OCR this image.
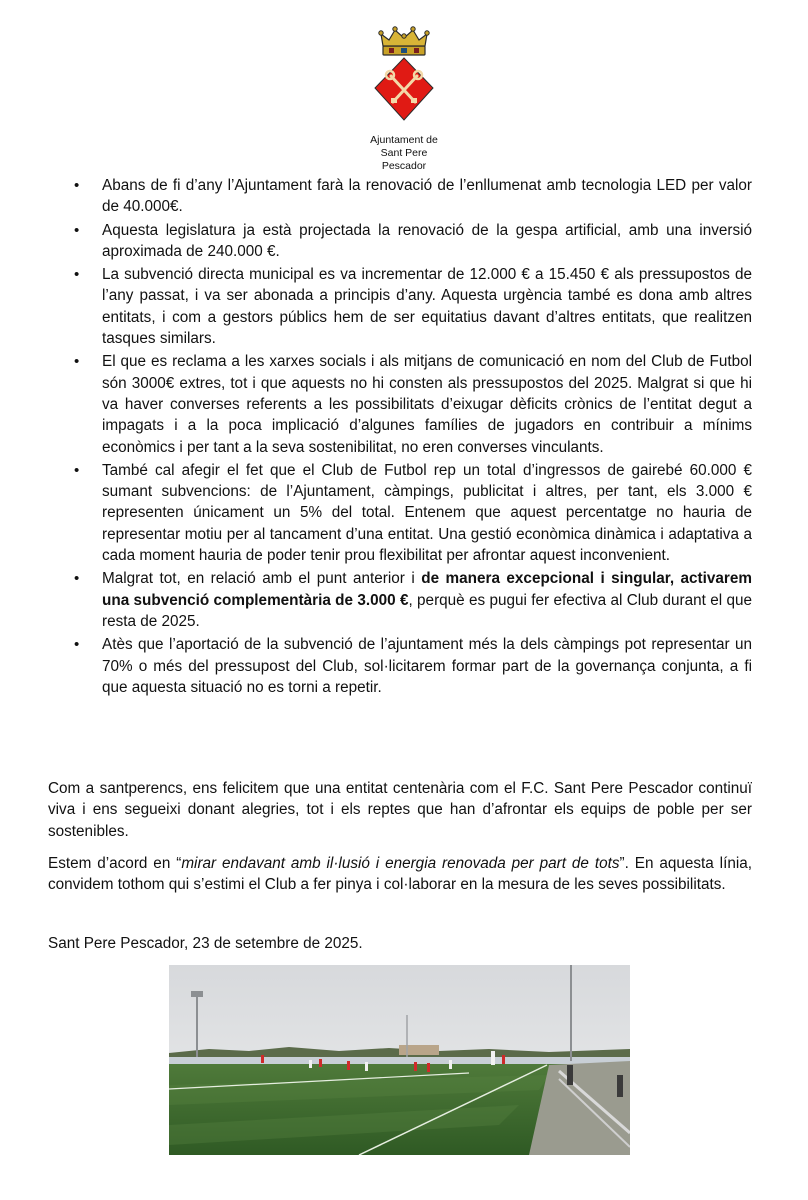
Ajuntament de
Sant Pere Pescador
• Abans de fi d’any l’Ajuntament farà la renovació de l’enllumenat amb tecnologia LED per valor de 40.000€.
• Aquesta legislatura ja està projectada la renovació de la gespa artificial, amb una inversió aproximada de 240.000 €.
• La subvenció directa municipal es va incrementar de 12.000 € a 15.450 € als pressupostos de l’any passat, i va ser abonada a principis d’any. Aquesta urgència també es dona amb altres entitats, i com a gestors públics hem de ser equitatius davant d’altres entitats, que realitzen tasques similars.
• El que es reclama a les xarxes socials i als mitjans de comunicació en nom del Club de Futbol són 3000€ extres, tot i que aquests no hi consten als pressupostos del 2025. Malgrat si que hi va haver converses referents a les possibilitats d’eixugar dèficits crònics de l’entitat degut a impagats i a la poca implicació d’algunes famílies de jugadors en contribuir a mínims econòmics i per tant a la seva sostenibilitat, no eren converses vinculants.
• També cal afegir el fet que el Club de Futbol rep un total d’ingressos de gairebé 60.000 € sumant subvencions: de l’Ajuntament, càmpings, publicitat i altres, per tant, els 3.000 € representen únicament un 5% del total. Entenem que aquest percentatge no hauria de representar motiu per al tancament d’una entitat. Una gestió econòmica dinàmica i adaptativa a cada moment hauria de poder tenir prou flexibilitat per afrontar aquest inconvenient.
• Malgrat tot, en relació amb el punt anterior i de manera excepcional i singular, activarem una subvenció complementària de 3.000 €, perquè es pugui fer efectiva al Club durant el que resta de 2025.
• Atès que l’aportació de la subvenció de l’ajuntament més la dels càmpings pot representar un 70% o més del pressupost del Club, sol·licitarem formar part de la governança conjunta, a fi que aquesta situació no es torni a repetir.

Com a santperencs, ens felicitem que una entitat centenària com el F.C. Sant Pere Pescador continuï viva i ens segueixi donant alegries, tot i els reptes que han d’afrontar els equips de poble per ser sostenibles.

Estem d’acord en “mirar endavant amb il·lusió i energia renovada per part de tots”. En aquesta línia, convidem tothom qui s’estimi el Club a fer pinya i col·laborar en la mesura de les seves possibilitats.

Sant Pere Pescador, 23 de setembre de 2025.
